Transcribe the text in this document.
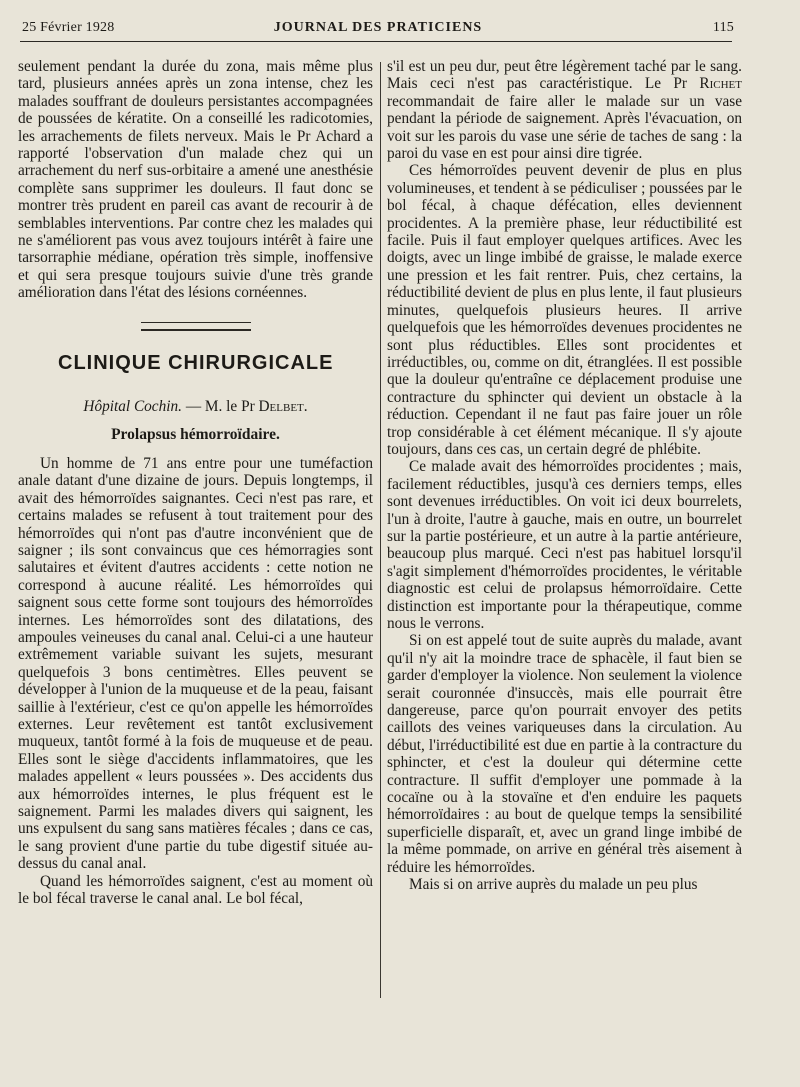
25 Février 1928	JOURNAL DES PRATICIENS	115

seulement pendant la durée du zona, mais même plus tard, plusieurs années après un zona intense, chez les malades souffrant de douleurs persistantes accompagnées de poussées de kératite. On a conseillé les radicotomies, les arrachements de filets nerveux. Mais le Pr Achard a rapporté l'observation d'un malade chez qui un arrachement du nerf sus-orbitaire a amené une anesthésie complète sans supprimer les douleurs. Il faut donc se montrer très prudent en pareil cas avant de recourir à de semblables interventions. Par contre chez les malades qui ne s'améliorent pas vous avez toujours intérêt à faire une tarsorraphie médiane, opération très simple, inoffensive et qui sera presque toujours suivie d'une très grande amélioration dans l'état des lésions cornéennes.

CLINIQUE CHIRURGICALE
Hôpital Cochin. — M. le Pr Delbet.
Prolapsus hémorroïdaire.

Un homme de 71 ans entre pour une tuméfaction anale datant d'une dizaine de jours. Depuis longtemps, il avait des hémorroïdes saignantes. Ceci n'est pas rare, et certains malades se refusent à tout traitement pour des hémorroïdes qui n'ont pas d'autre inconvénient que de saigner ; ils sont convaincus que ces hémorragies sont salutaires et évitent d'autres accidents : cette notion ne correspond à aucune réalité. Les hémorroïdes qui saignent sous cette forme sont toujours des hémorroïdes internes. Les hémorroïdes sont des dilatations, des ampoules veineuses du canal anal. Celui-ci a une hauteur extrêmement variable suivant les sujets, mesurant quelquefois 3 bons centimètres. Elles peuvent se développer à l'union de la muqueuse et de la peau, faisant saillie à l'extérieur, c'est ce qu'on appelle les hémorroïdes externes. Leur revêtement est tantôt exclusivement muqueux, tantôt formé à la fois de muqueuse et de peau. Elles sont le siège d'accidents inflammatoires, que les malades appellent « leurs poussées ». Des accidents dus aux hémorroïdes internes, le plus fréquent est le saignement. Parmi les malades divers qui saignent, les uns expulsent du sang sans matières fécales ; dans ce cas, le sang provient d'une partie du tube digestif située au-dessus du canal anal.

Quand les hémorroïdes saignent, c'est au moment où le bol fécal traverse le canal anal. Le bol fécal,

s'il est un peu dur, peut être légèrement taché par le sang. Mais ceci n'est pas caractéristique. Le Pr Richet recommandait de faire aller le malade sur un vase pendant la période de saignement. Après l'évacuation, on voit sur les parois du vase une série de taches de sang : la paroi du vase en est pour ainsi dire tigrée.

Ces hémorroïdes peuvent devenir de plus en plus volumineuses, et tendent à se pédiculiser ; poussées par le bol fécal, à chaque défécation, elles deviennent procidentes. A la première phase, leur réductibilité est facile. Puis il faut employer quelques artifices. Avec les doigts, avec un linge imbibé de graisse, le malade exerce une pression et les fait rentrer. Puis, chez certains, la réductibilité devient de plus en plus lente, il faut plusieurs minutes, quelquefois plusieurs heures. Il arrive quelquefois que les hémorroïdes devenues procidentes ne sont plus réductibles. Elles sont procidentes et irréductibles, ou, comme on dit, étranglées. Il est possible que la douleur qu'entraîne ce déplacement produise une contracture du sphincter qui devient un obstacle à la réduction. Cependant il ne faut pas faire jouer un rôle trop considérable à cet élément mécanique. Il s'y ajoute toujours, dans ces cas, un certain degré de phlébite.

Ce malade avait des hémorroïdes procidentes ; mais, facilement réductibles, jusqu'à ces derniers temps, elles sont devenues irréductibles. On voit ici deux bourrelets, l'un à droite, l'autre à gauche, mais en outre, un bourrelet sur la partie postérieure, et un autre à la partie antérieure, beaucoup plus marqué. Ceci n'est pas habituel lorsqu'il s'agit simplement d'hémorroïdes procidentes, le véritable diagnostic est celui de prolapsus hémorroïdaire. Cette distinction est importante pour la thérapeutique, comme nous le verrons.

Si on est appelé tout de suite auprès du malade, avant qu'il n'y ait la moindre trace de sphacèle, il faut bien se garder d'employer la violence. Non seulement la violence serait couronnée d'insuccès, mais elle pourrait être dangereuse, parce qu'on pourrait envoyer des petits caillots des veines variqueuses dans la circulation. Au début, l'irréductibilité est due en partie à la contracture du sphincter, et c'est la douleur qui détermine cette contracture. Il suffit d'employer une pommade à la cocaïne ou à la stovaïne et d'en enduire les paquets hémorroïdaires : au bout de quelque temps la sensibilité superficielle disparaît, et, avec un grand linge imbibé de la même pommade, on arrive en général très aisement à réduire les hémorroïdes.

Mais si on arrive auprès du malade un peu plus
